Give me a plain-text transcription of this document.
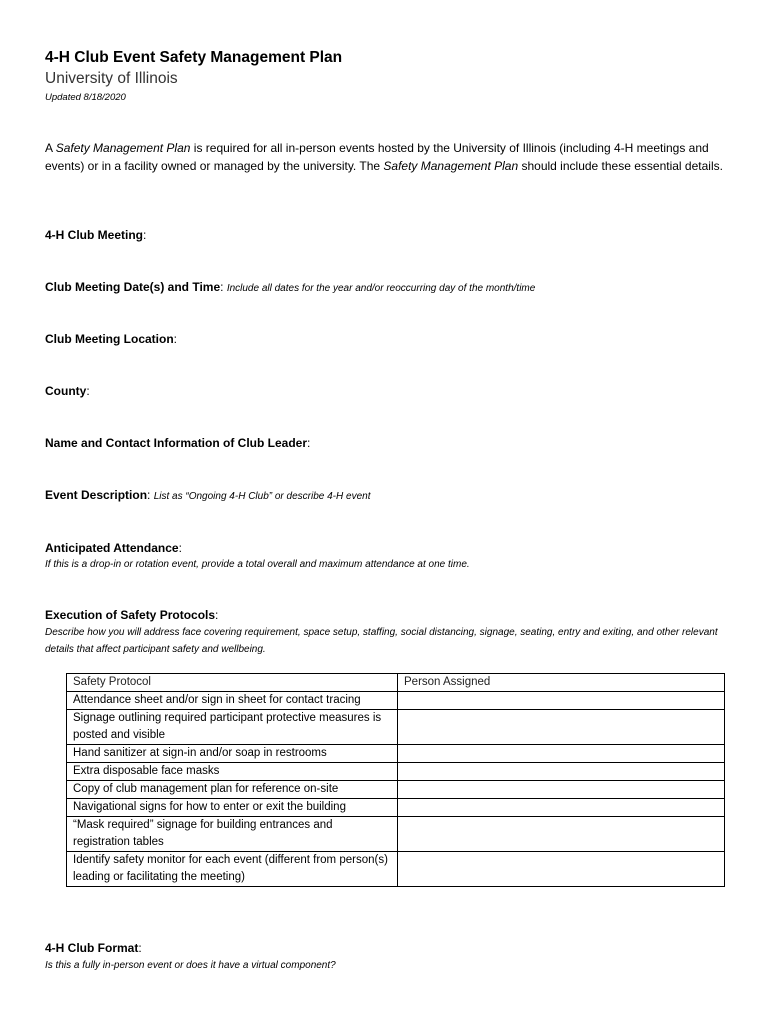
4-H Club Event Safety Management Plan
University of Illinois
Updated 8/18/2020
A Safety Management Plan is required for all in-person events hosted by the University of Illinois (including 4-H meetings and events) or in a facility owned or managed by the university. The Safety Management Plan should include these essential details.
4-H Club Meeting:
Club Meeting Date(s) and Time: Include all dates for the year and/or reoccurring day of the month/time
Club Meeting Location:
County:
Name and Contact Information of Club Leader:
Event Description: List as “Ongoing 4-H Club” or describe 4-H event
Anticipated Attendance:
If this is a drop-in or rotation event, provide a total overall and maximum attendance at one time.
Execution of Safety Protocols:
Describe how you will address face covering requirement, space setup, staffing, social distancing, signage, seating, entry and exiting, and other relevant details that affect participant safety and wellbeing.
Safety Protocol	Person Assigned
Attendance sheet and/or sign in sheet for contact tracing	
Signage outlining required participant protective measures is posted and visible	
Hand sanitizer at sign-in and/or soap in restrooms	
Extra disposable face masks	
Copy of club management plan for reference on-site	
Navigational signs for how to enter or exit the building	
“Mask required” signage for building entrances and registration tables	
Identify safety monitor for each event (different from person(s) leading or facilitating the meeting)	
4-H Club Format:
Is this a fully in-person event or does it have a virtual component?
